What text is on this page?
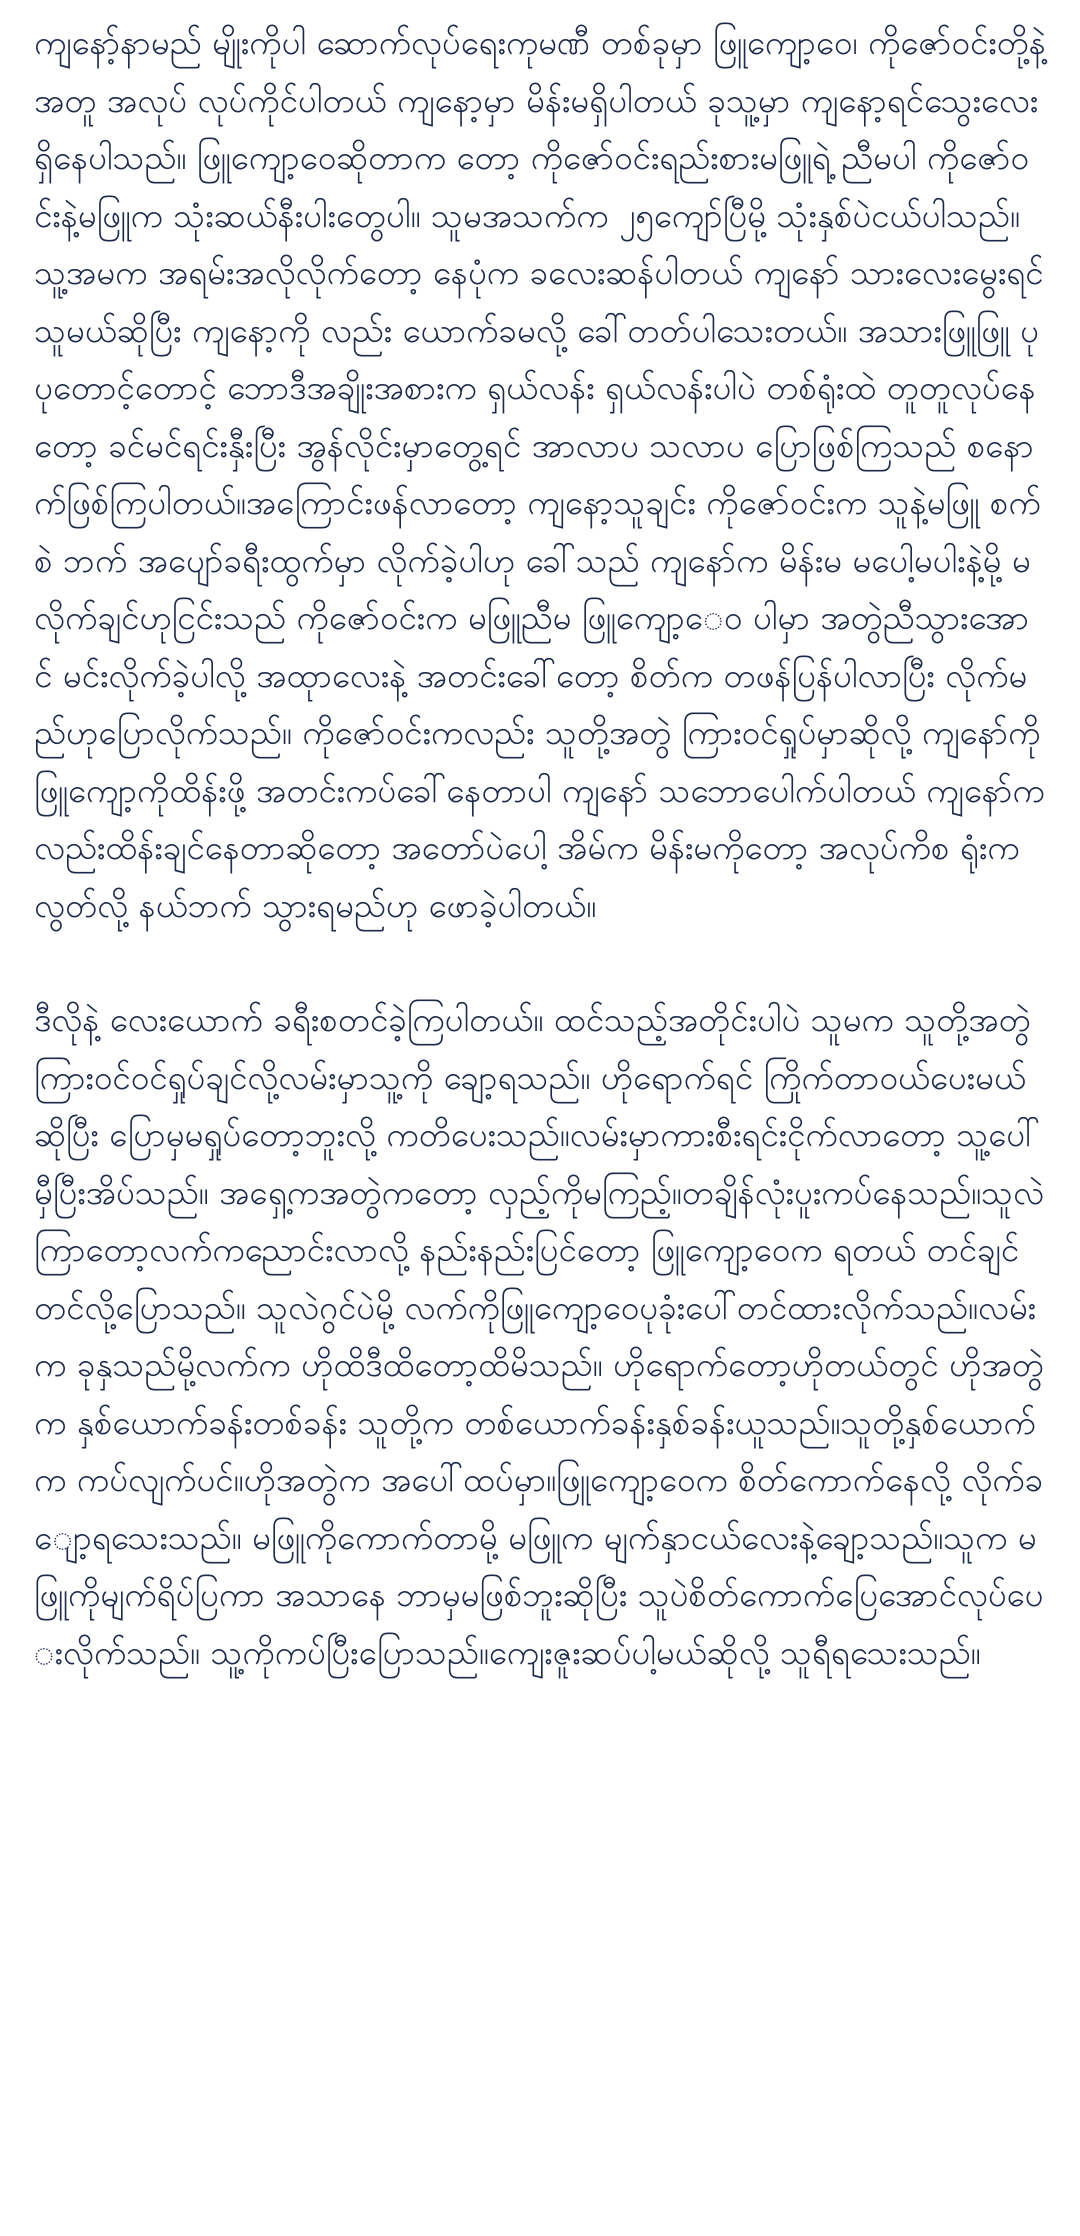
ကျနော့်နာမည် မျိုးကိုပါ ဆောက်လုပ်ရေးကုမဏီ တစ်ခုမှာ ဖြူကျော့ဝေ၊ ကိုဇော်ဝင်းတို့နဲ့အတူ အလုပ် လုပ်ကိုင်ပါတယ် ကျနော့မှာ မိန်းမရှိပါတယ် ခုသူ့မှာ ကျနော့ရင်သွေးလေး ရှိနေပါသည်။ ဖြူကျော့ဝေဆိုတာက တော့ ကိုဇော်ဝင်းရည်းစားမဖြူရဲ့ ညီမပါ ကိုဇော်ဝင်းနဲ့မဖြူက သုံးဆယ်နီးပါးတွေပါ။ သူမအသက်က ၂၅ကျော်ပြီမို့ သုံးနှစ်ပဲငယ်ပါသည်။ သူ့အမက အရမ်းအလိုလိုက်တော့ နေပုံက ခလေးဆန်ပါတယ် ကျနော် သားလေးမွေးရင်သူမယ်ဆိုပြီး ကျနော့ကို လည်း ယောက်ခမလို့ ခေါ်တတ်ပါသေးတယ်။ အသားဖြူဖြူ ပုပုတောင့်တောင့် ဘောဒီအချိုးအစားက ရှယ်လန်း ရှယ်လန်းပါပဲ တစ်ရုံးထဲ တူတူလုပ်နေတော့ ခင်မင်ရင်းနှီးပြီး အွန်လိုင်းမှာတွေ့ရင် အာလာပ သလာပ ပြောဖြစ်ကြသည် စနောက်ဖြစ်ကြပါတယ်။အကြောင်းဖန်လာတော့ ကျနော့သူချင်း ကိုဇော်ဝင်းက သူနဲ့မဖြူ စက်စဲ ဘက် အပျော်ခရီးထွက်မှာ လိုက်ခဲ့ပါဟု ခေါ်သည် ကျနော်က မိန်းမ မပေါ့မပါးနဲ့မို့ မလိုက်ချင်ဟုငြင်းသည် ကိုဇော်ဝင်းက မဖြူညီမ ဖြူကျော့ေဝ ပါမှာ အတွဲညီသွားအောင် မင်းလိုက်ခဲ့ပါလို့ အထုာလေးနဲ့ အတင်းခေါ်တော့ စိတ်က တဖန်ပြန်ပါလာပြီး လိုက်မည်ဟုပြောလိုက်သည်။ ကိုဇော်ဝင်းကလည်း သူတို့အတွဲ ကြားဝင်ရှုပ်မှာဆိုလို့ ကျနော်ကို ဖြူကျော့ကိုထိန်းဖို့ အတင်းကပ်ခေါ်နေတာပါ ကျနော် သဘောပေါက်ပါတယ် ကျနော်ကလည်းထိန်းချင်နေတာဆိုတော့ အတော်ပဲပေါ့ အိမ်က မိန်းမကိုတော့ အလုပ်ကိစ ရုံးကလွတ်လို့ နယ်ဘက် သွားရမည်ဟု ဖောခဲ့ပါတယ်။

ဒီလိုနဲ့ လေးယောက် ခရီးစတင်ခဲ့ကြပါတယ်။ ထင်သည့်အတိုင်းပါပဲ သူမက သူတို့အတွဲ ကြားဝင်ဝင်ရှုပ်ချင်လို့လမ်းမှာသူ့ကို ချော့ရသည်။ ဟိုရောက်ရင် ကြိုက်တာဝယ်ပေးမယ်ဆိုပြီး ပြောမှမရှုပ်တော့ဘူးလို့ ကတိပေးသည်။လမ်းမှာကားစီးရင်းငိုက်လာတော့ သူ့ပေါ်မှီပြီးအိပ်သည်။ အရှေ့ကအတွဲကတော့ လှည့်ကိုမကြည့်။တချိန်လုံးပူးကပ်နေသည်။သူလဲကြာတော့လက်ကညောင်းလာလို့ နည်းနည်းပြင်တော့ ဖြူကျော့ဝေက ရတယ် တင်ချင်တင်လို့ပြောသည်။ သူလဲဂွင်ပဲမို့ လက်ကိုဖြူကျော့ဝေပုခုံးပေါ်တင်ထားလိုက်သည်။လမ်းက ခုနှသည်မို့လက်က ဟိုထိဒီထိတော့ထိမိသည်။ ဟိုရောက်တော့ဟိုတယ်တွင် ဟိုအတွဲက နှစ်ယောက်ခန်းတစ်ခန်း သူတို့က တစ်ယောက်ခန်းနှစ်ခန်းယူသည်။သူတို့နှစ်ယောက်က ကပ်လျက်ပင်။ဟိုအတွဲက အပေါ်ထပ်မှာ။ဖြူကျော့ဝေက စိတ်ကောက်နေလို့ လိုက်ချော့ရသေးသည်။ မဖြူကိုကောက်တာမို့ မဖြူက မျက်နှာငယ်လေးနဲ့ချော့သည်။သူက မဖြူကိုမျက်ရိပ်ပြကာ အသာနေ ဘာမှမဖြစ်ဘူးဆိုပြီး သူပဲစိတ်ကောက်ပြေအောင်လုပ်ပေးလိုက်သည်။ သူ့ကိုကပ်ပြီးပြောသည်။ကျေးဇူးဆပ်ပါ့မယ်ဆိုလို့ သူရီရသေးသည်။
